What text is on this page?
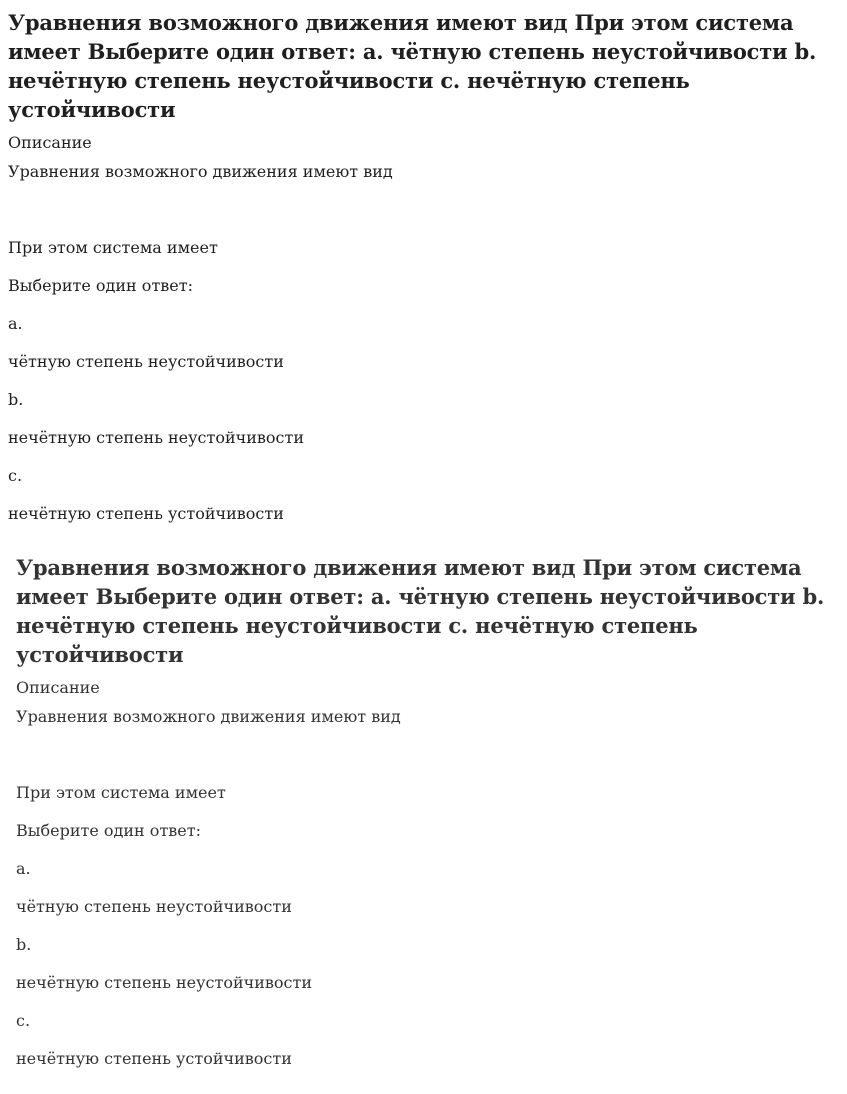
Уравнения возможного движения имеют вид При этом система имеет Выберите один ответ: a. чётную степень неустойчивости b. нечётную степень неустойчивости c. нечётную степень устойчивости

Описание

Уравнения возможного движения имеют вид

При этом система имеет

Выберите один ответ:

a.

чётную степень неустойчивости

b.

нечётную степень неустойчивости

c.

нечётную степень устойчивости

Уравнения возможного движения имеют вид При этом система имеет Выберите один ответ: a. чётную степень неустойчивости b. нечётную степень неустойчивости c. нечётную степень устойчивости

Описание

Уравнения возможного движения имеют вид

При этом система имеет

Выберите один ответ:

a.

чётную степень неустойчивости

b.

нечётную степень неустойчивости

c.

нечётную степень устойчивости
